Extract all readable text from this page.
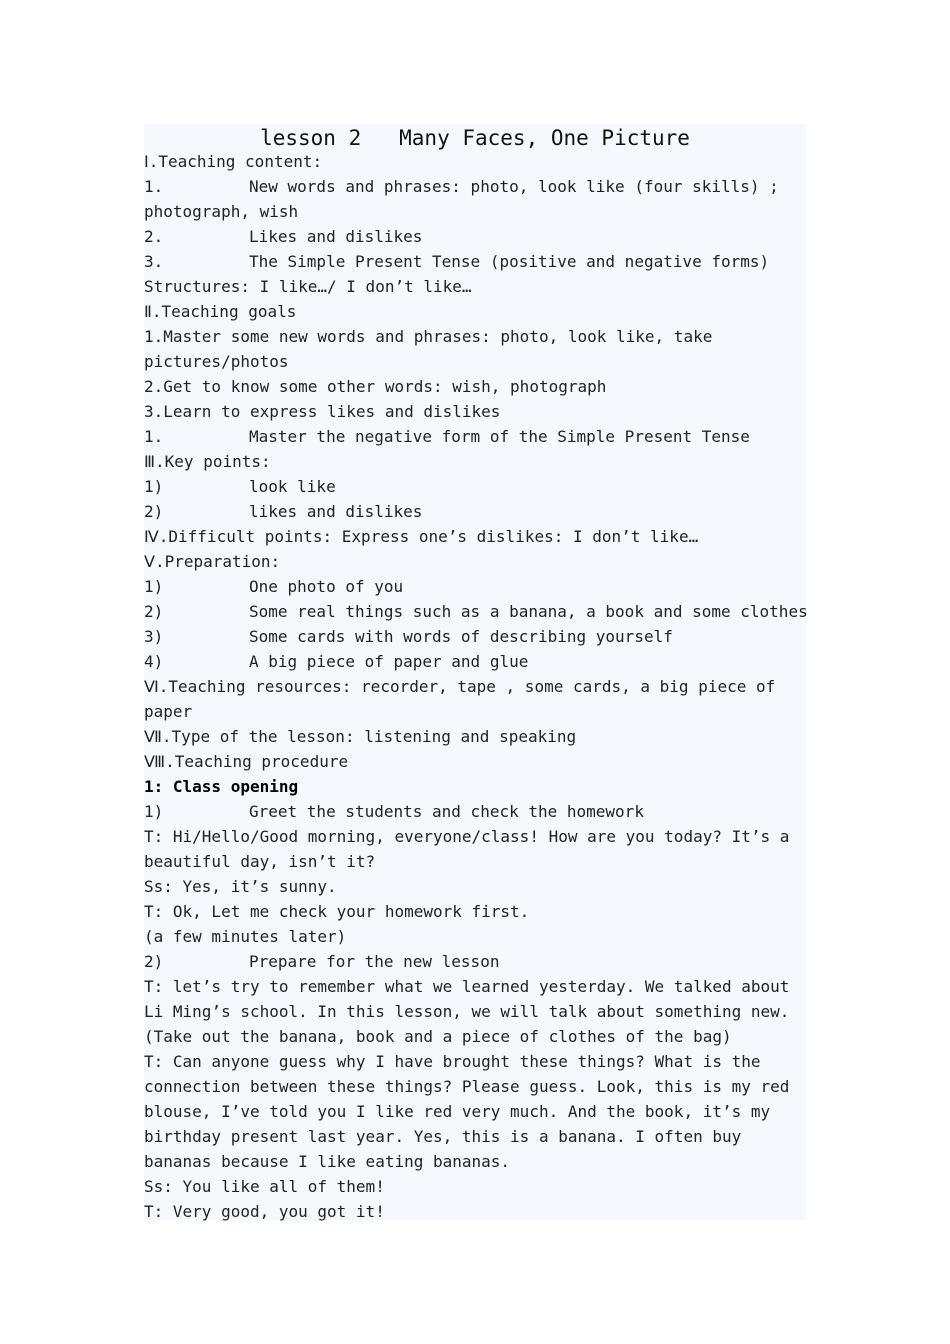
lesson 2   Many Faces, One Picture
Ⅰ.Teaching content:
1.	New words and phrases: photo, look like (four skills) ;
photograph, wish
2.	Likes and dislikes
3.	The Simple Present Tense (positive and negative forms)
Structures: I like…/ I don’t like…
Ⅱ.Teaching goals
1.Master some new words and phrases: photo, look like, take
pictures/photos
2.Get to know some other words: wish, photograph
3.Learn to express likes and dislikes
1.	Master the negative form of the Simple Present Tense
Ⅲ.Key points:
1)	look like
2)	likes and dislikes
Ⅳ.Difficult points: Express one’s dislikes: I don’t like…
Ⅴ.Preparation:
1)	One photo of you
2)	Some real things such as a banana, a book and some clothes
3)	Some cards with words of describing yourself
4)	A big piece of paper and glue
Ⅵ.Teaching resources: recorder, tape , some cards, a big piece of
paper
Ⅶ.Type of the lesson: listening and speaking
Ⅷ.Teaching procedure
1: Class opening
1)	Greet the students and check the homework
T: Hi/Hello/Good morning, everyone/class! How are you today? It’s a
beautiful day, isn’t it?
Ss: Yes, it’s sunny.
T: Ok, Let me check your homework first.
(a few minutes later)
2)	Prepare for the new lesson
T: let’s try to remember what we learned yesterday. We talked about
Li Ming’s school. In this lesson, we will talk about something new.
(Take out the banana, book and a piece of clothes of the bag)
T: Can anyone guess why I have brought these things? What is the
connection between these things? Please guess. Look, this is my red
blouse, I’ve told you I like red very much. And the book, it’s my
birthday present last year. Yes, this is a banana. I often buy
bananas because I like eating bananas.
Ss: You like all of them!
T: Very good, you got it!
